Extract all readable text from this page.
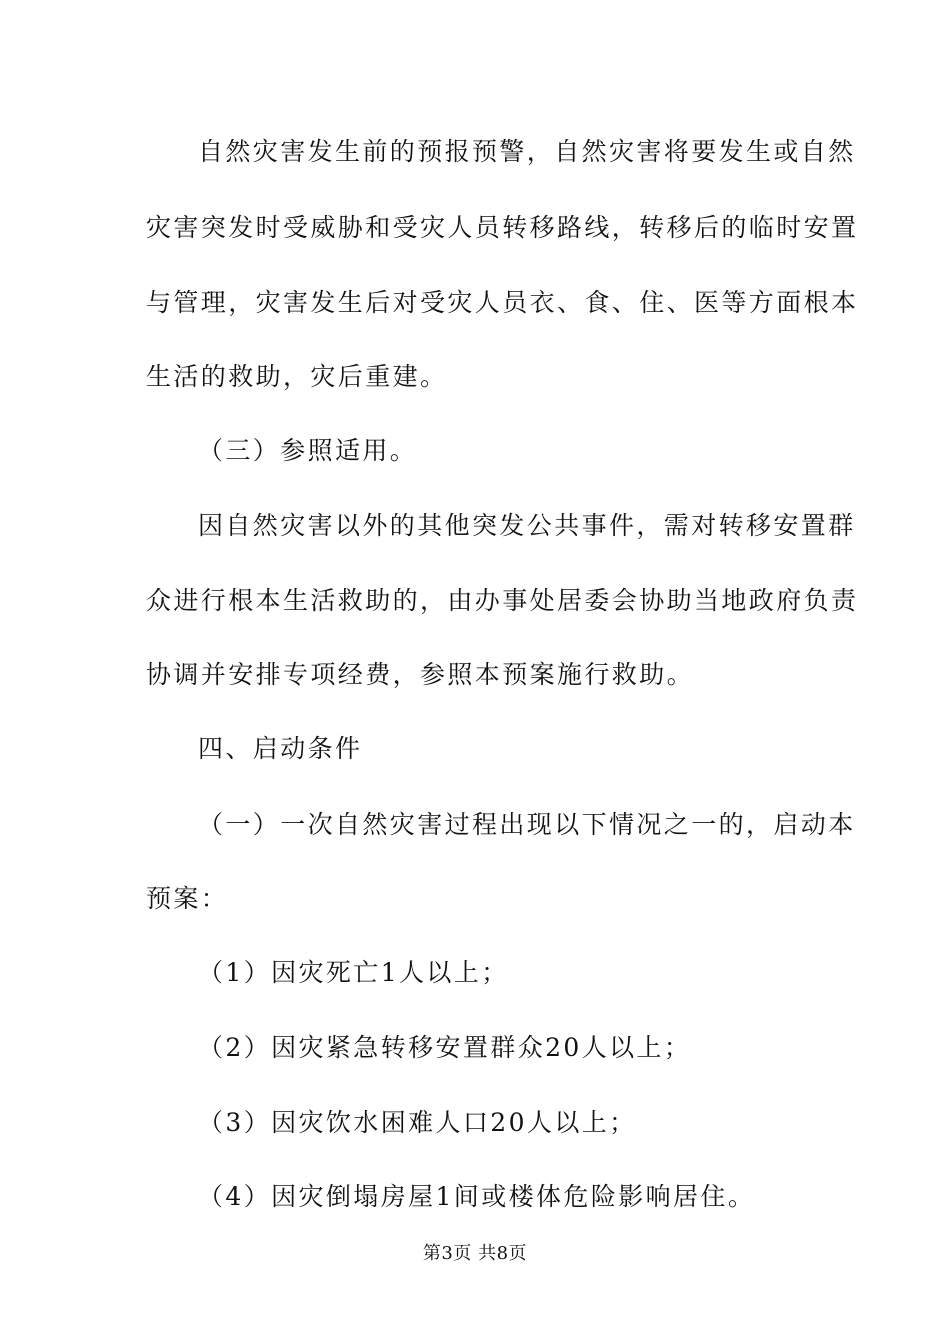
自然灾害发生前的预报预警，自然灾害将要发生或自然
灾害突发时受威胁和受灾人员转移路线，转移后的临时安置
与管理，灾害发生后对受灾人员衣、食、住、医等方面根本
生活的救助，灾后重建。
（三）参照适用。
因自然灾害以外的其他突发公共事件，需对转移安置群
众进行根本生活救助的，由办事处居委会协助当地政府负责
协调并安排专项经费，参照本预案施行救助。
四、启动条件
（一）一次自然灾害过程出现以下情况之一的，启动本
预案：
（1）因灾死亡1人以上；
（2）因灾紧急转移安置群众20人以上；
（3）因灾饮水困难人口20人以上；
（4）因灾倒塌房屋1间或楼体危险影响居住。
第3页 共8页
